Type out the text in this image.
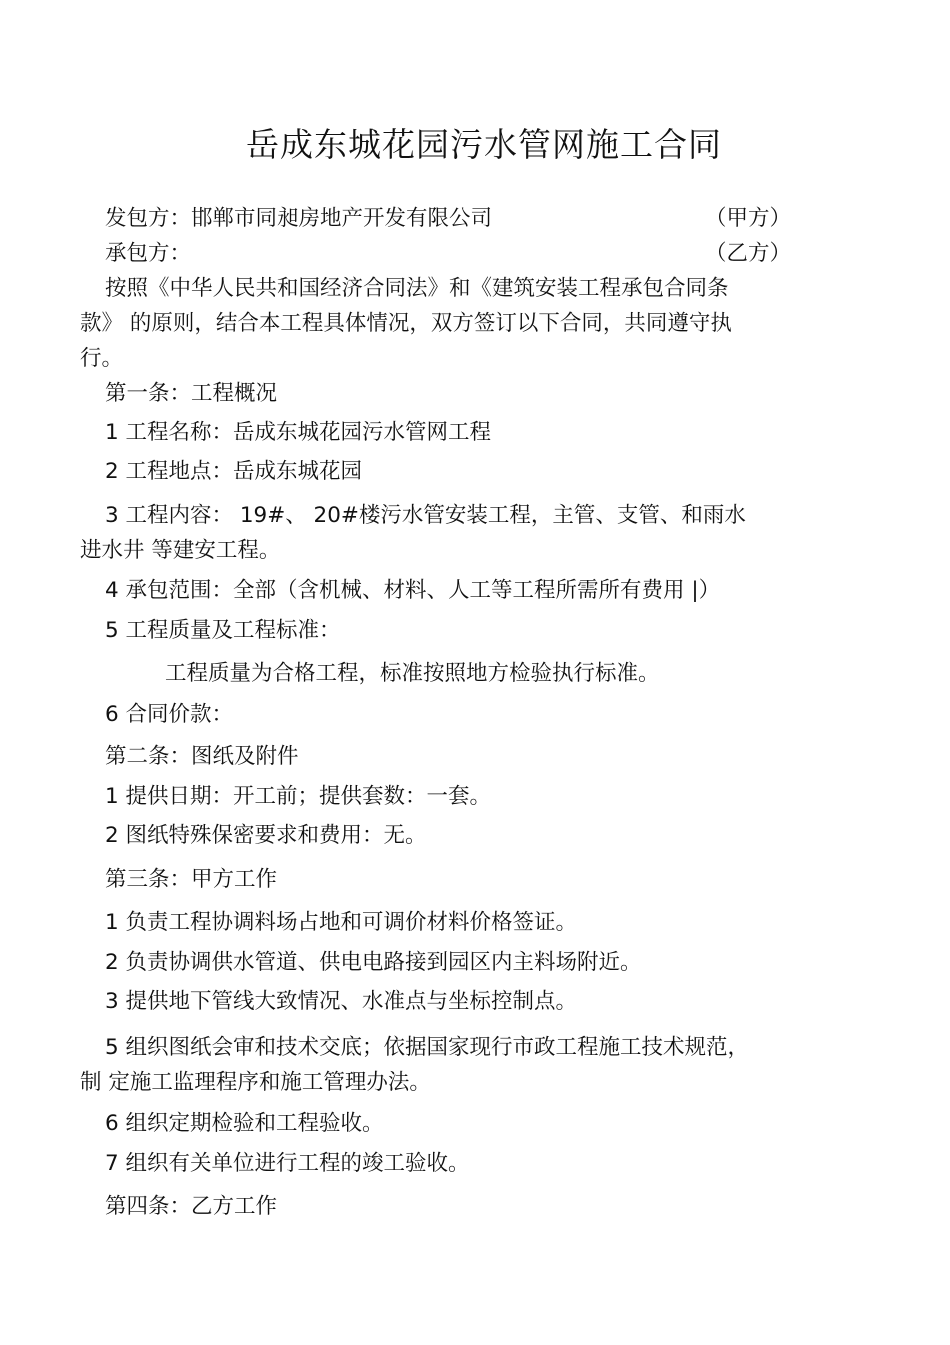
岳成东城花园污水管网施工合同
发包方：邯郸市同昶房地产开发有限公司	（甲方）
承包方：	（乙方）
按照《中华人民共和国经济合同法》和《建筑安装工程承包合同条
款》 的原则，结合本工程具体情况，双方签订以下合同，共同遵守执
行。
第一条：工程概况
1 工程名称：岳成东城花园污水管网工程
2 工程地点：岳成东城花园
3 工程内容： 19#、 20#楼污水管安装工程，主管、支管、和雨水
进水井 等建安工程。
4 承包范围：全部（含机械、材料、人工等工程所需所有费用 |）
5 工程质量及工程标准：
工程质量为合格工程，标准按照地方检验执行标准。
6 合同价款：
第二条：图纸及附件
1 提供日期：开工前；提供套数：一套。
2 图纸特殊保密要求和费用：无。
第三条：甲方工作
1 负责工程协调料场占地和可调价材料价格签证。
2 负责协调供水管道、供电电路接到园区内主料场附近。
3 提供地下管线大致情况、水准点与坐标控制点。
5 组织图纸会审和技术交底；依据国家现行市政工程施工技术规范，
制 定施工监理程序和施工管理办法。
6 组织定期检验和工程验收。
7 组织有关单位进行工程的竣工验收。
第四条：乙方工作
